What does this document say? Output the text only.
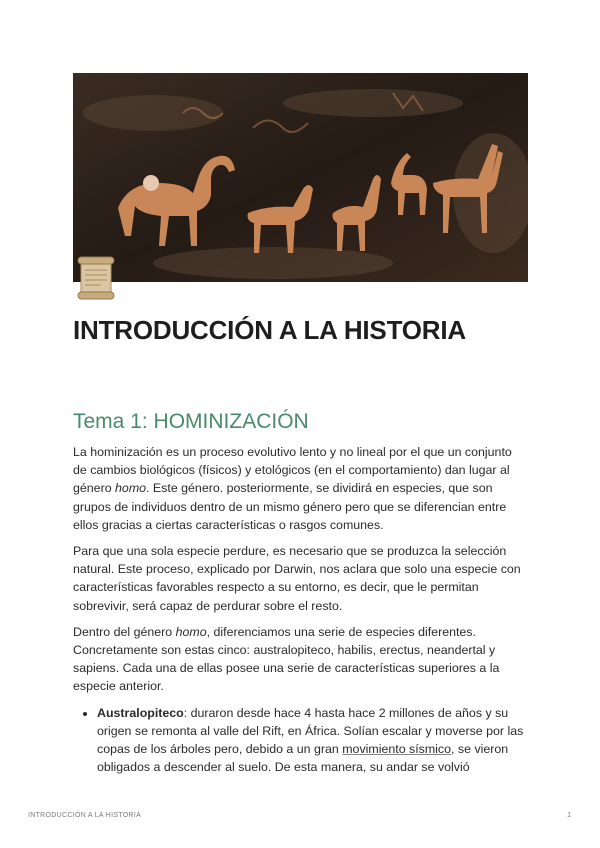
INTRODUCCIÓN A LA HISTORIA
Tema 1: HOMINIZACIÓN

La hominización es un proceso evolutivo lento y no lineal por el que un conjunto de cambios biológicos (físicos) y etológicos (en el comportamiento) dan lugar al género homo. Este género. posteriormente, se dividirá en especies, que son grupos de individuos dentro de un mismo género pero que se diferencian entre ellos gracias a ciertas características o rasgos comunes.

Para que una sola especie perdure, es necesario que se produzca la selección natural. Este proceso, explicado por Darwin, nos aclara que solo una especie con características favorables respecto a su entorno, es decir, que le permitan sobrevivir, será capaz de perdurar sobre el resto.

Dentro del género homo, diferenciamos una serie de especies diferentes. Concretamente son estas cinco: australopiteco, habilis, erectus, neandertal y sapiens. Cada una de ellas posee una serie de características superiores a la especie anterior.

• Australopiteco: duraron desde hace 4 hasta hace 2 millones de años y su origen se remonta al valle del Rift, en África. Solían escalar y moverse por las copas de los árboles pero, debido a un gran movimiento sísmico, se vieron obligados a descender al suelo. De esta manera, su andar se volvió
INTRODUCCIÓN A LA HISTORIA	1
